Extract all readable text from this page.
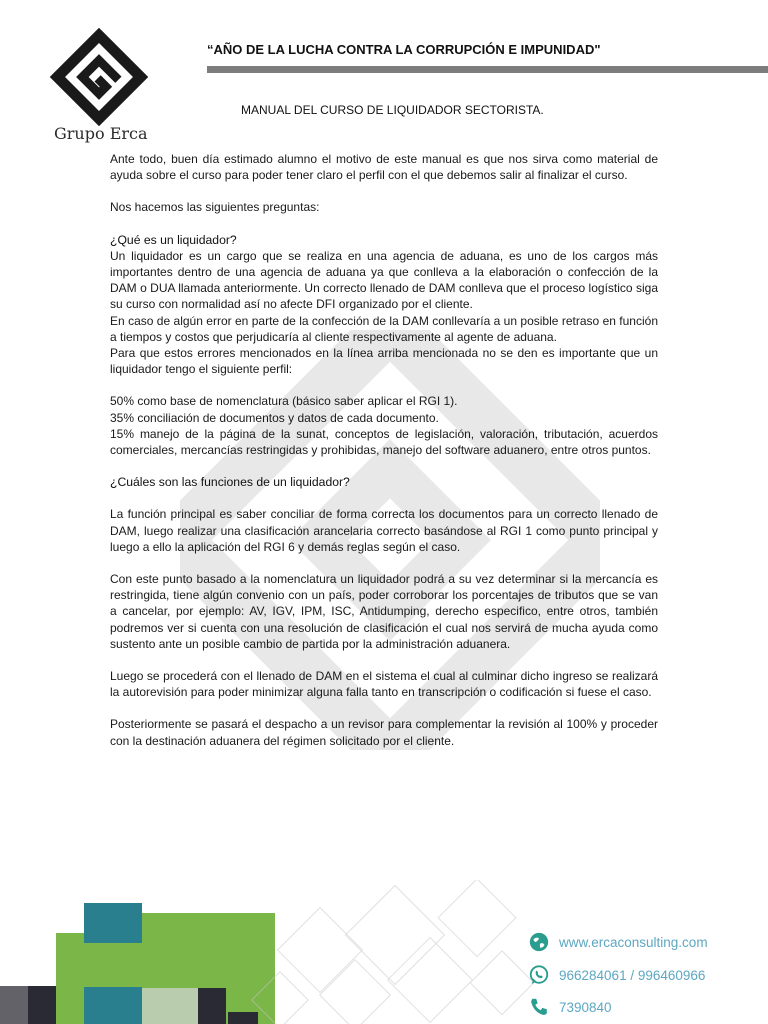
Grupo Erca
“AÑO DE LA LUCHA CONTRA LA CORRUPCIÓN E IMPUNIDAD"
MANUAL DEL CURSO DE LIQUIDADOR SECTORISTA.

Ante todo, buen día estimado alumno el motivo de este manual es que nos sirva como material de ayuda sobre el curso para poder tener claro el perfil con el que debemos salir al finalizar el curso.

Nos hacemos las siguientes preguntas:

¿Qué es un liquidador?

Un liquidador es un cargo que se realiza en una agencia de aduana, es uno de los cargos más importantes dentro de una agencia de aduana ya que conlleva a la elaboración o confección de la DAM o DUA llamada anteriormente. Un correcto llenado de DAM conlleva que el proceso logístico siga su curso con normalidad así no afecte DFI organizado por el cliente.

En caso de algún error en parte de la confección de la DAM conllevaría a un posible retraso en función a tiempos y costos que perjudicaría al cliente respectivamente al agente de aduana.

Para que estos errores mencionados en la línea arriba mencionada no se den es importante que un liquidador tengo el siguiente perfil:

50% como base de nomenclatura (básico saber aplicar el RGI 1).

35% conciliación de documentos y datos de cada documento.

15% manejo de la página de la sunat, conceptos de legislación, valoración, tributación, acuerdos comerciales, mercancías restringidas y prohibidas, manejo del software aduanero, entre otros puntos.

¿Cuáles son las funciones de un liquidador?

La función principal es saber conciliar de forma correcta los documentos para un correcto llenado de DAM, luego realizar una clasificación arancelaria correcto basándose al RGI 1 como punto principal y luego a ello la aplicación del RGI 6 y demás reglas según el caso.

Con este punto basado a la nomenclatura un liquidador podrá a su vez determinar si la mercancía es restringida, tiene algún convenio con un país, poder corroborar los porcentajes de tributos que se van a cancelar, por ejemplo: AV, IGV, IPM, ISC, Antidumping, derecho especifico, entre otros, también podremos ver si cuenta con una resolución de clasificación el cual nos servirá de mucha ayuda como sustento ante un posible cambio de partida por la administración aduanera.

Luego se procederá con el llenado de DAM en el sistema el cual al culminar dicho ingreso se realizará la autorevisión para poder minimizar alguna falla tanto en transcripción o codificación si fuese el caso.

Posteriormente se pasará el despacho a un revisor para complementar la revisión al 100% y proceder con la destinación aduanera del régimen solicitado por el cliente.

www.ercaconsulting.com
966284061 / 996460966
7390840
